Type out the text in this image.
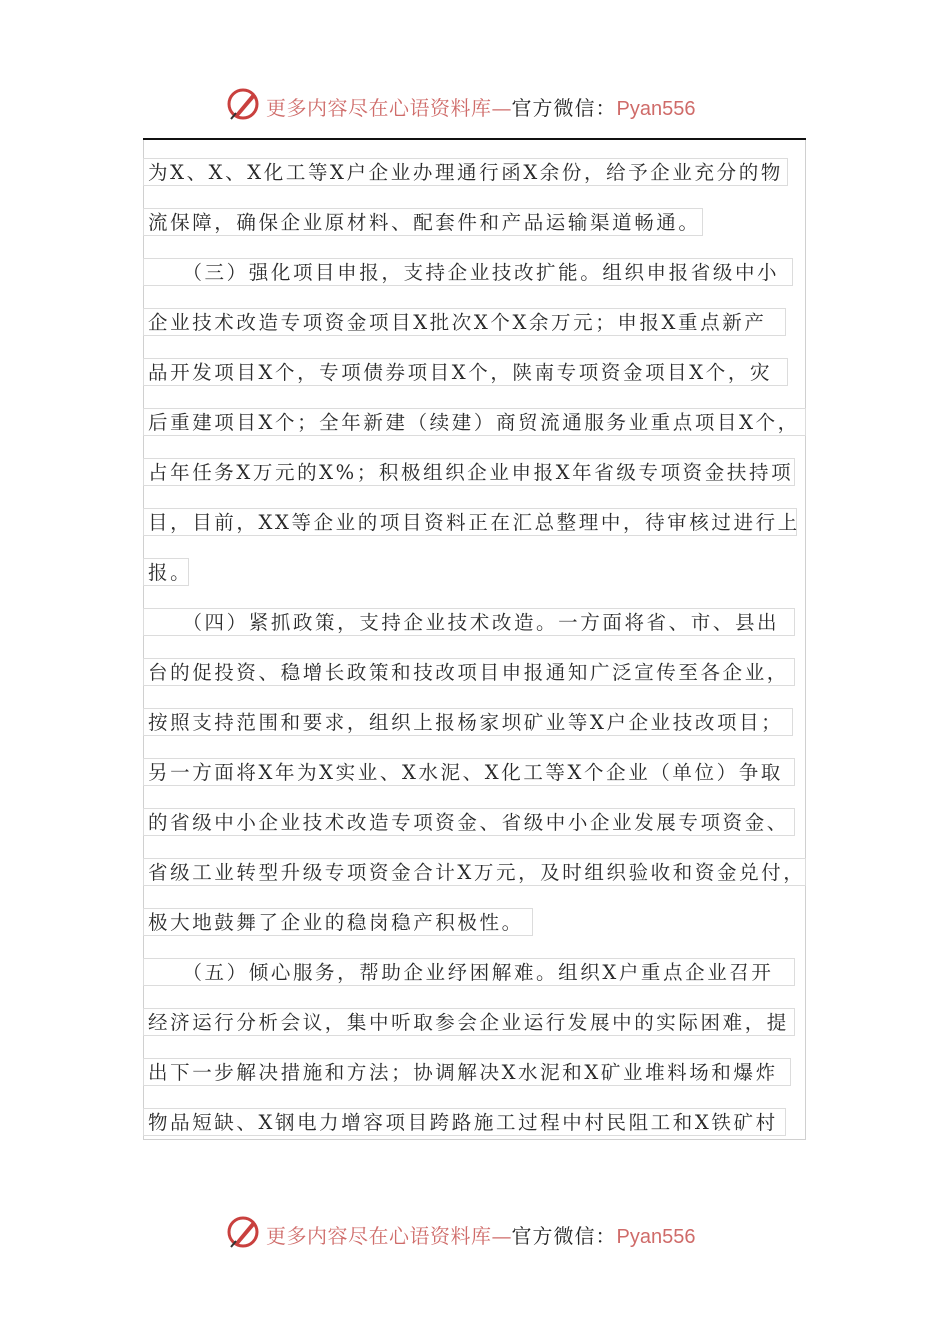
更多内容尽在心语资料库—官方微信：Pyan556
为X、X、X化工等X户企业办理通行函X余份，给予企业充分的物
流保障，确保企业原材料、配套件和产品运输渠道畅通。
　　（三）强化项目申报，支持企业技改扩能。组织申报省级中小
企业技术改造专项资金项目X批次X个X余万元；申报X重点新产
品开发项目X个，专项债券项目X个，陕南专项资金项目X个，灾
后重建项目X个；全年新建（续建）商贸流通服务业重点项目X个，
占年任务X万元的X%；积极组织企业申报X年省级专项资金扶持项
目，目前，XX等企业的项目资料正在汇总整理中，待审核过进行上
报。
　　（四）紧抓政策，支持企业技术改造。一方面将省、市、县出
台的促投资、稳增长政策和技改项目申报通知广泛宣传至各企业，
按照支持范围和要求，组织上报杨家坝矿业等X户企业技改项目；
另一方面将X年为X实业、X水泥、X化工等X个企业（单位）争取
的省级中小企业技术改造专项资金、省级中小企业发展专项资金、
省级工业转型升级专项资金合计X万元，及时组织验收和资金兑付，
极大地鼓舞了企业的稳岗稳产积极性。
　　（五）倾心服务，帮助企业纾困解难。组织X户重点企业召开
经济运行分析会议，集中听取参会企业运行发展中的实际困难，提
出下一步解决措施和方法；协调解决X水泥和X矿业堆料场和爆炸
物品短缺、X钢电力增容项目跨路施工过程中村民阻工和X铁矿村
更多内容尽在心语资料库—官方微信：Pyan556
